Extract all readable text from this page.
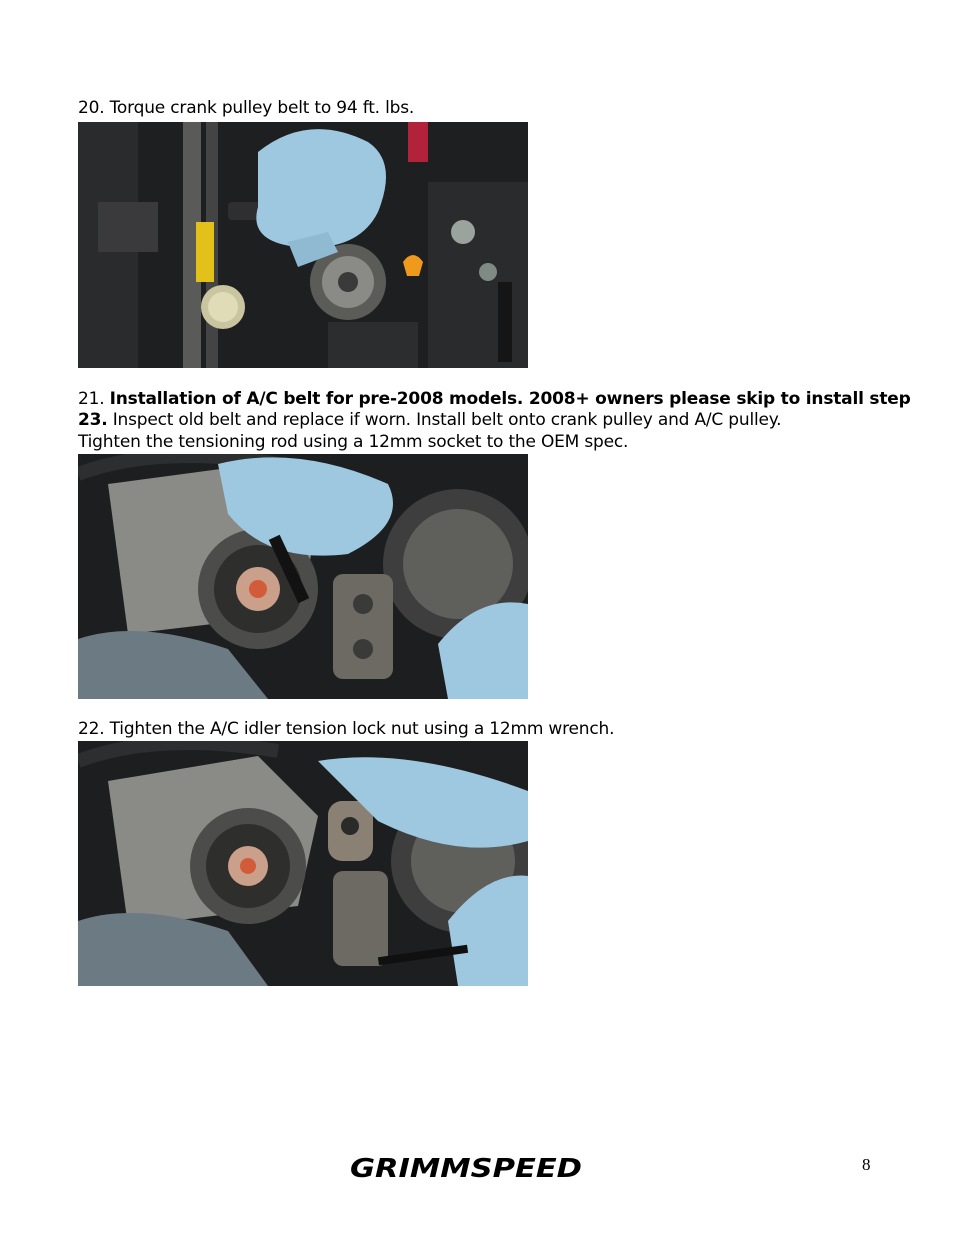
20. Torque crank pulley belt to 94 ft. lbs.
21. Installation of A/C belt for pre-2008 models. 2008+ owners please skip to install step
23. Inspect old belt and replace if worn. Install belt onto crank pulley and A/C pulley.
Tighten the tensioning rod using a 12mm socket to the OEM spec.
22. Tighten the A/C idler tension lock nut using a 12mm wrench.
GRIMMSPEED	8
